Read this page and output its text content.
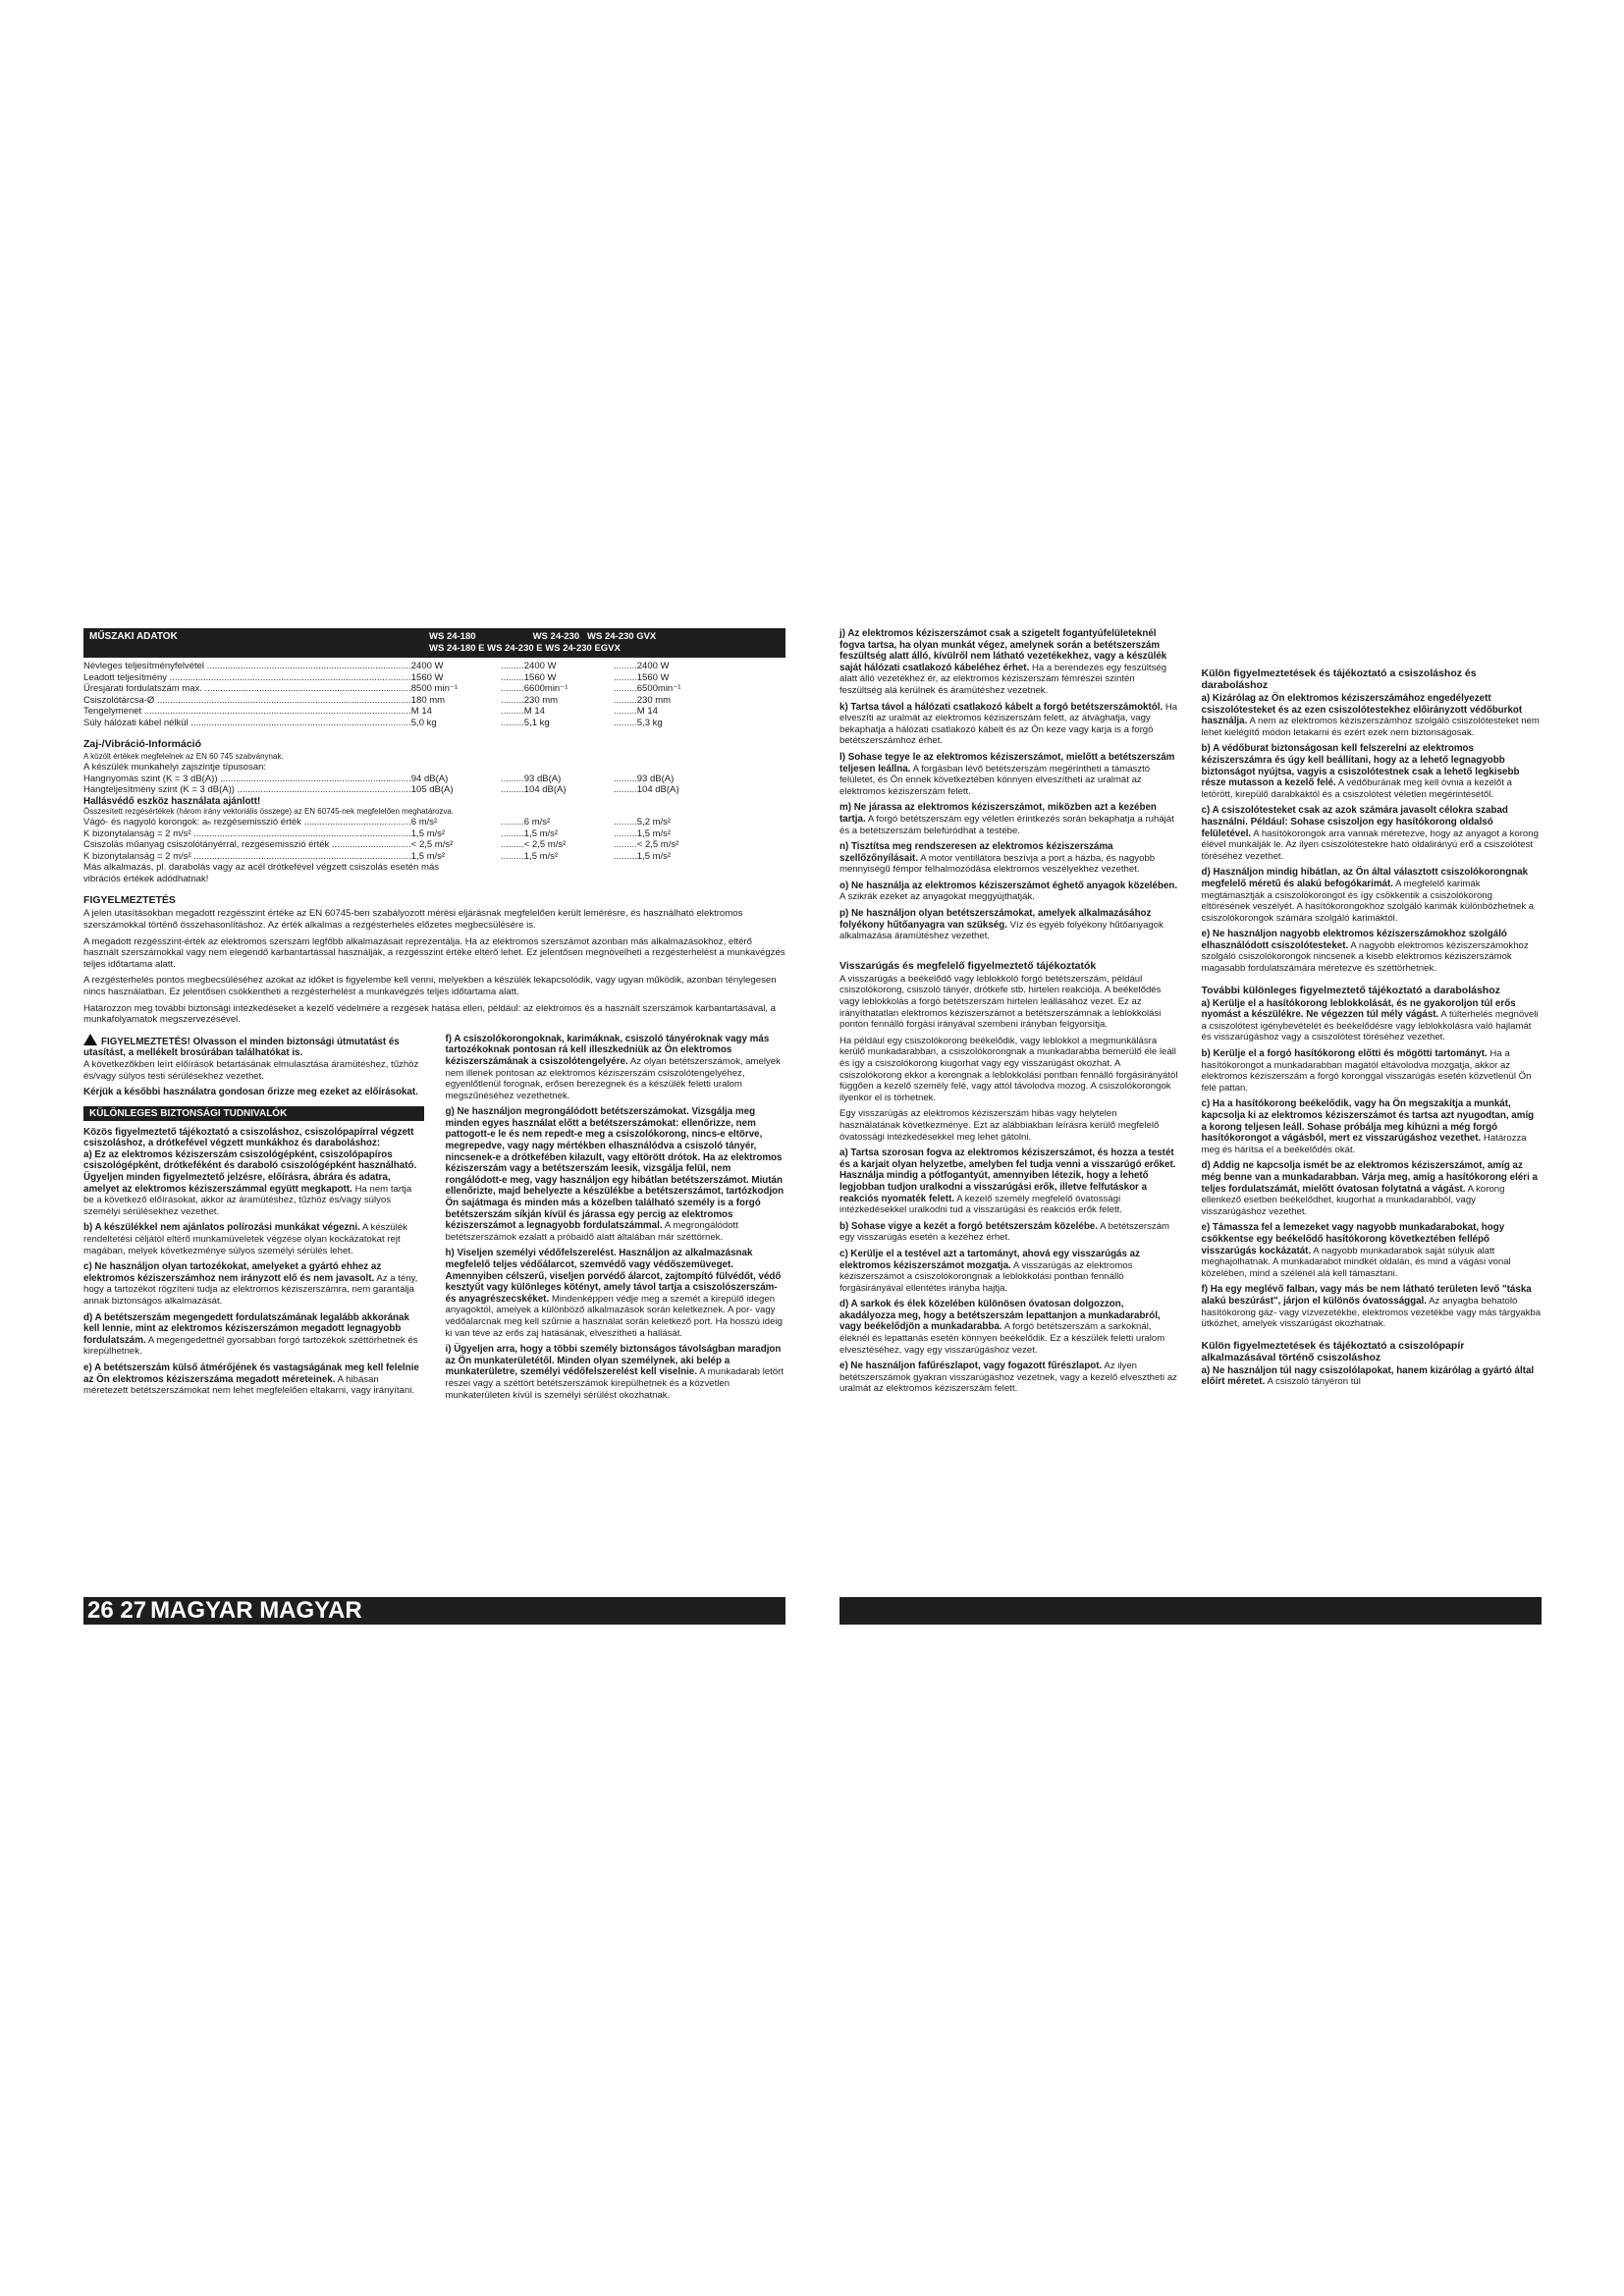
MŰSZAKI ADATOK	WS 24-180                      WS 24-230   WS 24-230 GVX
WS 24-180 E WS 24-230 E WS 24-230 EGVX
Névleges teljesítményfelvétel .....	..... 2400 W	..... 2400 W	..... 2400 W
Leadott teljesítmény .....	..... 1560 W	..... 1560 W	..... 1560 W
Üresjárati fordulatszám max. .....	..... 8500 min⁻¹	..... 6600min⁻¹	..... 6500min⁻¹
Csiszolótárcsa-Ø .....	..... 180 mm	..... 230 mm	..... 230 mm
Tengelymenet .....	..... M 14	..... M 14	..... M 14
Súly hálózati kábel nélkül .....	..... 5,0 kg	..... 5,1 kg	..... 5,3 kg
Zaj-/Vibráció-Információ
A közölt értékek megfelelnek az EN 60 745 szabványnak.
A készülék munkahelyi zajszintje típusosan:
Hangnyomás szint (K = 3 dB(A)) .....	..... 94 dB(A)	..... 93 dB(A)	..... 93 dB(A)
Hangteljesítmény szint (K = 3 dB(A)) .....	..... 105 dB(A)	..... 104 dB(A)	..... 104 dB(A)
Hallásvédő eszköz használata ajánlott!
Összesített rezgésértékek (három irány vektoriális összege) az EN 60745-nek megfelelően meghatározva.
Vágó- és nagyoló korongok: aₕ rezgésemisszió érték .....	..... 6 m/s²	..... 6 m/s²	..... 5,2 m/s²
K bizonytalanság = 2 m/s² .....	..... 1,5 m/s²	..... 1,5 m/s²	..... 1,5 m/s²
Csiszolás műanyag csiszolótányérral, rezgésemisszió érték .....	..... < 2,5 m/s²	..... < 2,5 m/s²	..... < 2,5 m/s²
K bizonytalanság = 2 m/s² .....	..... 1,5 m/s²	..... 1,5 m/s²	..... 1,5 m/s²
Más alkalmazás, pl. darabolás vagy az acél drótkefével végzett csiszolás esetén más vibrációs értékek adódhatnak!
FIGYELMEZTETÉS

A jelen utasításokban megadott rezgésszint értéke az EN 60745-ben szabályozott mérési eljárásnak megfelelően került lemérésre, és használható elektromos szerszámokkal történő összehasonlításhoz. Az érték alkalmas a rezgésterhelés előzetes megbecsülésére is.

A megadott rezgésszint-érték az elektromos szerszám legfőbb alkalmazásait reprezentálja. Ha az elektromos szerszámot azonban más alkalmazásokhoz, eltérő használt szerszámokkal vagy nem elegendő karbantartással használják, a rezgésszint értéke eltérő lehet. Ez jelentősen megnövelheti a rezgésterhelést a munkavégzés teljes időtartama alatt.

A rezgésterhelés pontos megbecsüléséhez azokat az időket is figyelembe kell venni, melyekben a készülék lekapcsolódik, vagy ugyan működik, azonban ténylegesen nincs használatban. Ez jelentősen csökkentheti a rezgésterhelést a munkavégzés teljes időtartama alatt.

Határozzon meg további biztonsági intézkedéseket a kezelő védelmére a rezgések hatása ellen, például: az elektromos és a használt szerszámok karbantartásával, a munkafolyamatok megszervezésével.

FIGYELMEZTETÉS! Olvasson el minden biztonsági útmutatást és utasítást, a mellékelt brosúrában találhatókat is.

A következőkben leírt előírások betartásának elmulasztása áramütéshez, tűzhöz és/vagy súlyos testi sérülésekhez vezethet.

Kérjük a későbbi használatra gondosan őrizze meg ezeket az előírásokat.
KÜLÖNLEGES BIZTONSÁGI TUDNIVALÓK
Közös figyelmeztető tájékoztató a csiszoláshoz, csiszolópapírral végzett csiszoláshoz, a drótkefével végzett munkákhoz és daraboláshoz:

a) Ez az elektromos kéziszerszám csiszológépként, csiszolópapíros csiszológépként, drótkeféként és daraboló csiszológépként használható. Ügyeljen minden figyelmeztető jelzésre, előírásra, ábrára és adatra, amelyet az elektromos kéziszerszámmal együtt megkapott. Ha nem tartja be a következő előírásokat, akkor az áramütéshez, tűzhöz és/vagy súlyos személyi sérülésekhez vezethet.

b) A készülékkel nem ajánlatos polírozási munkákat végezni. A készülék rendeltetési céljától eltérő munkamüveletek végzése olyan kockázatokat rejt magában, melyek következménye súlyos személyi sérülés lehet.

c) Ne használjon olyan tartozékokat, amelyeket a gyártó ehhez az elektromos kéziszerszámhoz nem irányzott elő és nem javasolt. Az a tény, hogy a tartozékot rögzíteni tudja az elektromos kéziszerszámra, nem garantálja annak biztonságos alkalmazását.

d) A betétszerszám megengedett fordulatszámának legalább akkorának kell lennie, mint az elektromos kéziszerszámon megadott legnagyobb fordulatszám. A megengedettnél gyorsabban forgó tartozékok széttörhetnek és kirepülhetnek.

e) A betétszerszám külső átmérőjének és vastagságának meg kell felelnie az Ön elektromos kéziszerszáma megadott méreteinek. A hibásan méretezett betétszerszámokat nem lehet megfelelően eltakarni, vagy irányítani.

f) A csiszolókorongoknak, karimáknak, csiszoló tányéroknak vagy más tartozékoknak pontosan rá kell illeszkedniük az Ön elektromos kéziszerszámának a csiszolótengelyére. Az olyan betétszerszámok, amelyek nem illenek pontosan az elektromos kéziszerszám csiszolótengelyéhez, egyenlőtlenül forognak, erősen berezegnek és a készülék feletti uralom megszűnéséhez vezethetnek.

g) Ne használjon megrongálódott betétszerszámokat. Vizsgálja meg minden egyes használat előtt a betétszerszámokat: ellenőrizze, nem pattogott-e le és nem repedt-e meg a csiszolókorong, nincs-e eltörve, megrepedve, vagy nagy mértékben elhasználódva a csiszoló tányér, nincsenek-e a drótkefében kilazult, vagy eltörött drótok. Ha az elektromos kéziszerszám vagy a betétszerszám leesik, vizsgálja felül, nem rongálódott-e meg, vagy használjon egy hibátlan betétszerszámot. Miután ellenőrizte, majd behelyezte a készülékbe a betétszerszámot, tartózkodjon Ön sajátmaga és minden más a közelben található személy is a forgó betétszerszám síkján kívül és járassa egy percig az elektromos kéziszerszámot a legnagyobb fordulatszámmal. A megrongálódott betétszerszámok ezalatt a próbaidő alatt általában már széttörnek.

h) Viseljen személyi védőfelszerelést. Használjon az alkalmazásnak megfelelő teljes védőálarcot, szemvédő vagy védőszemüveget. Amennyiben célszerű, viseljen porvédő álarcot, zajtompító fülvédőt, védő kesztyűt vagy különleges kötényt, amely távol tartja a csiszolószerszám- és anyagrészecskéket. Mindenképpen védje meg a szemét a kirepülő idegen anyagoktól, amelyek a különböző alkalmazások során keletkeznek. A por- vagy védőálarcnak meg kell szűrnie a használat során keletkező port. Ha hosszú ideig ki van téve az erős zaj hatásának, elveszítheti a hallását.

i) Ügyeljen arra, hogy a többi személy biztonságos távolságban maradjon az Ön munkaterületétől. Minden olyan személynek, aki belép a munkaterületre, személyi védőfelszerelést kell viselnie. A munkadarab letört részei vagy a széttört betétszerszámok kirepülhetnek és a közvetlen munkaterületen kívül is személyi sérülést okozhatnak.

j) Az elektromos kéziszerszámot csak a szigetelt fogantyúfelületeknél fogva tartsa, ha olyan munkát végez, amelynek során a betétszerszám feszültség alatt álló, kívülről nem látható vezetékekhez, vagy a készülék saját hálózati csatlakozó kábeléhez érhet. Ha a berendezés egy feszültség alatt álló vezetékhez ér, az elektromos kéziszerszám fémrészei szintén feszültség alá kerülnek és áramütéshez vezetnek.

k) Tartsa távol a hálózati csatlakozó kábelt a forgó betétszerszámoktól. Ha elveszíti az uralmát az elektromos kéziszerszám felett, az átvághatja, vagy bekaphatja a hálózati csatlakozó kábelt és az Ön keze vagy karja is a forgó betétszerszámhoz érhet.

l) Sohase tegye le az elektromos kéziszerszámot, mielőtt a betétszerszám teljesen leállna. A forgásban lévő betétszerszám megérintheti a támasztó felületet, és Ön ennek következtében könnyen elveszítheti az uralmát az elektromos kéziszerszám felett.

m) Ne járassa az elektromos kéziszerszámot, miközben azt a kezében tartja. A forgó betétszerszám egy véletlen érintkezés során bekaphatja a ruháját és a betétszerszám belefúródhat a testébe.

n) Tisztítsa meg rendszeresen az elektromos kéziszerszáma szellőzőnyílásait. A motor ventillátora beszívja a port a házba, és nagyobb mennyiségű fémpor felhalmozódása elektromos veszélyekhez vezethet.

o) Ne használja az elektromos kéziszerszámot éghető anyagok közelében. A szikrák ezeket az anyagokat meggyújthatják.

p) Ne használjon olyan betétszerszámokat, amelyek alkalmazásához folyékony hűtőanyagra van szükség. Víz és egyéb folyékony hűtőanyagok alkalmazása áramütéshez vezethet.

Visszarúgás és megfelelő figyelmeztető tájékoztatók

A visszarúgás a beékelődő vagy leblokkoló forgó betétszerszám, például csiszolókorong, csiszoló tányér, drótkefe stb. hirtelen reakciója. A beékelődés vagy leblokkolás a forgó betétszerszám hirtelen leállásához vezet. Ez az irányíthatatlan elektromos kéziszerszámot a betétszerszámnak a leblokkolási ponton fennálló forgási irányával szembeni irányban felgyorsítja.

Ha például egy csiszolókorong beékelődik, vagy leblokkol a megmunkálásra kerülő munkadarabban, a csiszolókorongnak a munkadarabba bemerülő éle leáll és így a csiszolókorong kiugorhat vagy egy visszarúgást okozhat. A csiszolókorong ekkor a korongnak a leblokkolási pontban fennálló forgásirányától függően a kezelő személy felé, vagy attól távolodva mozog. A csiszolókorongok ilyenkor el is törhetnek.

Egy visszarúgás az elektromos kéziszerszám hibás vagy helytelen használatának következménye. Ezt az alábbiakban leírásra kerülő megfelelő óvatossági intézkedésekkel meg lehet gátolni.

a) Tartsa szorosan fogva az elektromos kéziszerszámot, és hozza a testét és a karjait olyan helyzetbe, amelyben fel tudja venni a visszarúgó erőket. Használja mindig a pótfogantyút, amennyiben létezik, hogy a lehető legjobban tudjon uralkodni a visszarúgási erők, illetve felfutáskor a reakciós nyomaték felett. A kezelő személy megfelelő óvatossági intézkedésekkel uralkodni tud a visszarúgási és reakciós erők felett.

b) Sohase vigye a kezét a forgó betétszerszám közelébe. A betétszerszám egy visszarúgás esetén a kezéhez érhet.

c) Kerülje el a testével azt a tartományt, ahová egy visszarúgás az elektromos kéziszerszámot mozgatja. A visszarúgás az elektromos kéziszerszámot a csiszolókorongnak a leblokkolási pontban fennálló forgásirányával ellentétes irányba hajtja.

d) A sarkok és élek közelében különösen óvatosan dolgozzon, akadályozza meg, hogy a betétszerszám lepattanjon a munkadarabról, vagy beékelődjön a munkadarabba. A forgó betétszerszám a sarkoknál, éleknél és lepattanás esetén könnyen beékelődik. Ez a készülék feletti uralom elvesztéséhez, vagy egy visszarúgáshoz vezet.

e) Ne használjon fafűrészlapot, vagy fogazott fűrészlapot. Az ilyen betétszerszámok gyakran visszarúgáshoz vezetnek, vagy a kezelő elvesztheti az uralmát az elektromos kéziszerszám felett.

Külön figyelmeztetések és tájékoztató a csiszoláshoz és daraboláshoz

a) Kizárólag az Ön elektromos kéziszerszámához engedélyezett csiszolótesteket és az ezen csiszolótestekhez előirányzott védőburkot használja. A nem az elektromos kéziszerszámhoz szolgáló csiszolótesteket nem lehet kielégítő módon letakarni és ezért ezek nem biztonságosak.

b) A védőburat biztonságosan kell felszerelni az elektromos kéziszerszámra és úgy kell beállítani, hogy az a lehető legnagyobb biztonságot nyújtsa, vagyis a csiszolótestnek csak a lehető legkisebb része mutasson a kezelő felé. A védőburának meg kell óvnia a kezelőt a letörött, kirepülő darabkáktól és a csiszolótest véletlen megérintésétől.

c) A csiszolótesteket csak az azok számára javasolt célokra szabad használni. Például: Sohase csiszoljon egy hasítókorong oldalsó felületével. A hasítókorongok arra vannak méretezve, hogy az anyagot a korong élével munkálják le. Az ilyen csiszolótestekre ható oldalirányú erő a csiszolótest töréséhez vezethet.

d) Használjon mindig hibátlan, az Ön által választott csiszolókorongnak megfelelő méretű és alakú befogókarimát. A megfelelő karimák megtámasztják a csiszolókorongot és így csökkentik a csiszolókorong eltörésének veszélyét. A hasítókorongokhoz szolgáló karimák különbözhetnek a csiszolókorongok számára szolgáló karimáktól.

e) Ne használjon nagyobb elektromos kéziszerszámokhoz szolgáló elhasználódott csiszolótesteket. A nagyobb elektromos kéziszerszámokhoz szolgáló csiszolókorongok nincsenek a kisebb elektromos kéziszerszámok magasabb fordulatszámára méretezve és széttörhetnek.

További különleges figyelmeztető tájékoztató a daraboláshoz

a) Kerülje el a hasítókorong leblokkolását, és ne gyakoroljon túl erős nyomást a készülékre. Ne végezzen túl mély vágást. A túlterhelés megnöveli a csiszolótest igénybevételét és beékelődésre vagy leblokkolásra való hajlamát és visszarúgáshoz vagy a csiszolótest töréséhez vezethet.

b) Kerülje el a forgó hasítókorong előtti és mögötti tartományt. Ha a hasítókorongot a munkadarabban magától eltávolodva mozgatja, akkor az elektromos kéziszerszám a forgó koronggal visszarúgás esetén közvetlenül Ön felé pattan.

c) Ha a hasítókorong beékelődik, vagy ha Ön megszakítja a munkát, kapcsolja ki az elektromos kéziszerszámot és tartsa azt nyugodtan, amíg a korong teljesen leáll. Sohase próbálja meg kihúzni a még forgó hasítókorongot a vágásból, mert ez visszarúgáshoz vezethet. Határozza meg és hárítsa el a beékelődés okát.

d) Addig ne kapcsolja ismét be az elektromos kéziszerszámot, amíg az még benne van a munkadarabban. Várja meg, amíg a hasítókorong eléri a teljes fordulatszámát, mielőtt óvatosan folytatná a vágást. A korong ellenkező esetben beékelődhet, kiugorhat a munkadarabból, vagy visszarúgáshoz vezethet.

e) Támassza fel a lemezeket vagy nagyobb munkadarabokat, hogy csökkentse egy beékelődő hasítókorong következtében fellépő visszarúgás kockázatát. A nagyobb munkadarabok saját súlyuk alatt meghajolhatnak. A munkadarabot mindkét oldalán, és mind a vágási vonal közelében, mind a szélénél alá kell támasztani.

f) Ha egy meglévő falban, vagy más be nem látható területen levő "táska alakú beszúrást", járjon el különös óvatossággal. Az anyagba behatoló hasítókorong gáz- vagy vízvezetékbe, elektromos vezetékbe vagy más tárgyakba ütközhet, amelyek visszarúgást okozhatnak.

Külön figyelmeztetések és tájékoztató a csiszolópapír alkalmazásával történő csiszoláshoz

a) Ne használjon túl nagy csiszolólapokat, hanem kizárólag a gyártó által előírt méretet. A csiszoló tányéron túl

26 27 MAGYAR MAGYAR
